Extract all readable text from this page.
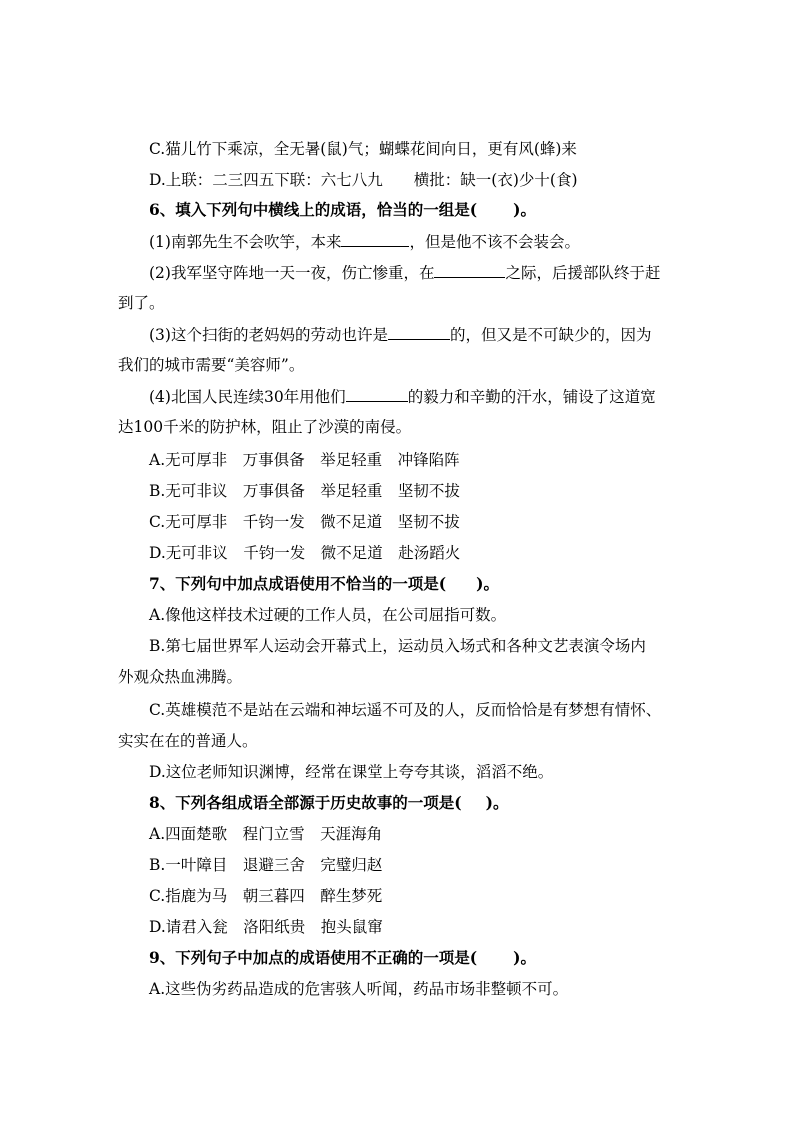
C.猫儿竹下乘凉，全无暑(鼠)气；蝴蝶花间向日，更有风(蜂)来
D.上联：二三四五下联：六七八九　　横批：缺一(衣)少十(食)
6、填入下列句中横线上的成语，恰当的一组是( )。
(1)南郭先生不会吹竽，本来	，但是他不该不会装会。
(2)我军坚守阵地一天一夜，伤亡惨重，在	之际，后援部队终于赶
到了。
(3)这个扫街的老妈妈的劳动也许是	的，但又是不可缺少的，因为
我们的城市需要“美容师”。
(4)北国人民连续30年用他们	的毅力和辛勤的汗水，铺设了这道宽
达100千米的防护林，阻止了沙漠的南侵。
A.无可厚非　万事俱备　举足轻重　冲锋陷阵
B.无可非议　万事俱备　举足轻重　坚韧不拔
C.无可厚非　千钧一发　微不足道　坚韧不拔
D.无可非议　千钧一发　微不足道　赴汤蹈火
7、下列句中加点成语使用不恰当的一项是( )。
A.像他这样技术过硬的工作人员，在公司屈指可数。
B.第七届世界军人运动会开幕式上，运动员入场式和各种文艺表演令场内
外观众热血沸腾。
C.英雄模范不是站在云端和神坛遥不可及的人，反而恰恰是有梦想有情怀、
实实在在的普通人。
D.这位老师知识渊博，经常在课堂上夸夸其谈，滔滔不绝。
8、下列各组成语全部源于历史故事的一项是( )。
A.四面楚歌　程门立雪　天涯海角
B.一叶障目　退避三舍　完璧归赵
C.指鹿为马　朝三暮四　醉生梦死
D.请君入瓮　洛阳纸贵　抱头鼠窜
9、下列句子中加点的成语使用不正确的一项是( )。
A.这些伪劣药品造成的危害骇人听闻，药品市场非整顿不可。
